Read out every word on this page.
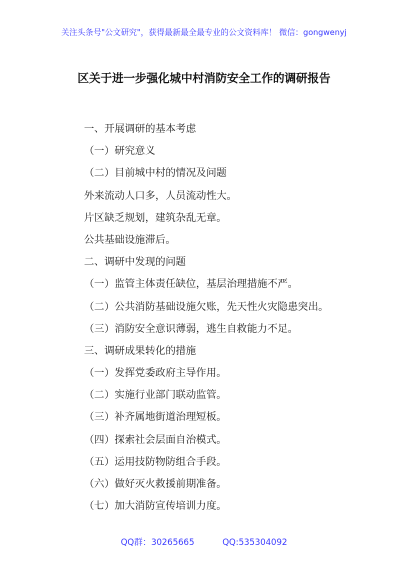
关注头条号"公文研究"，获得最新最全最专业的公文资料库！ 微信：gongwenyj
区关于进一步强化城中村消防安全工作的调研报告
一、开展调研的基本考虑
（一）研究意义
（二）目前城中村的情况及问题
外来流动人口多，人员流动性大。
片区缺乏规划，建筑杂乱无章。
公共基础设施滞后。
二、调研中发现的问题
（一）监管主体责任缺位，基层治理措施不严。
（二）公共消防基础设施欠账，先天性火灾隐患突出。
（三）消防安全意识薄弱，逃生自救能力不足。
三、调研成果转化的措施
（一）发挥党委政府主导作用。
（二）实施行业部门联动监管。
（三）补齐属地街道治理短板。
（四）探索社会层面自治模式。
（五）运用技防物防组合手段。
（六）做好灭火救援前期准备。
（七）加大消防宣传培训力度。
QQ群：30265665	QQ:535304092
